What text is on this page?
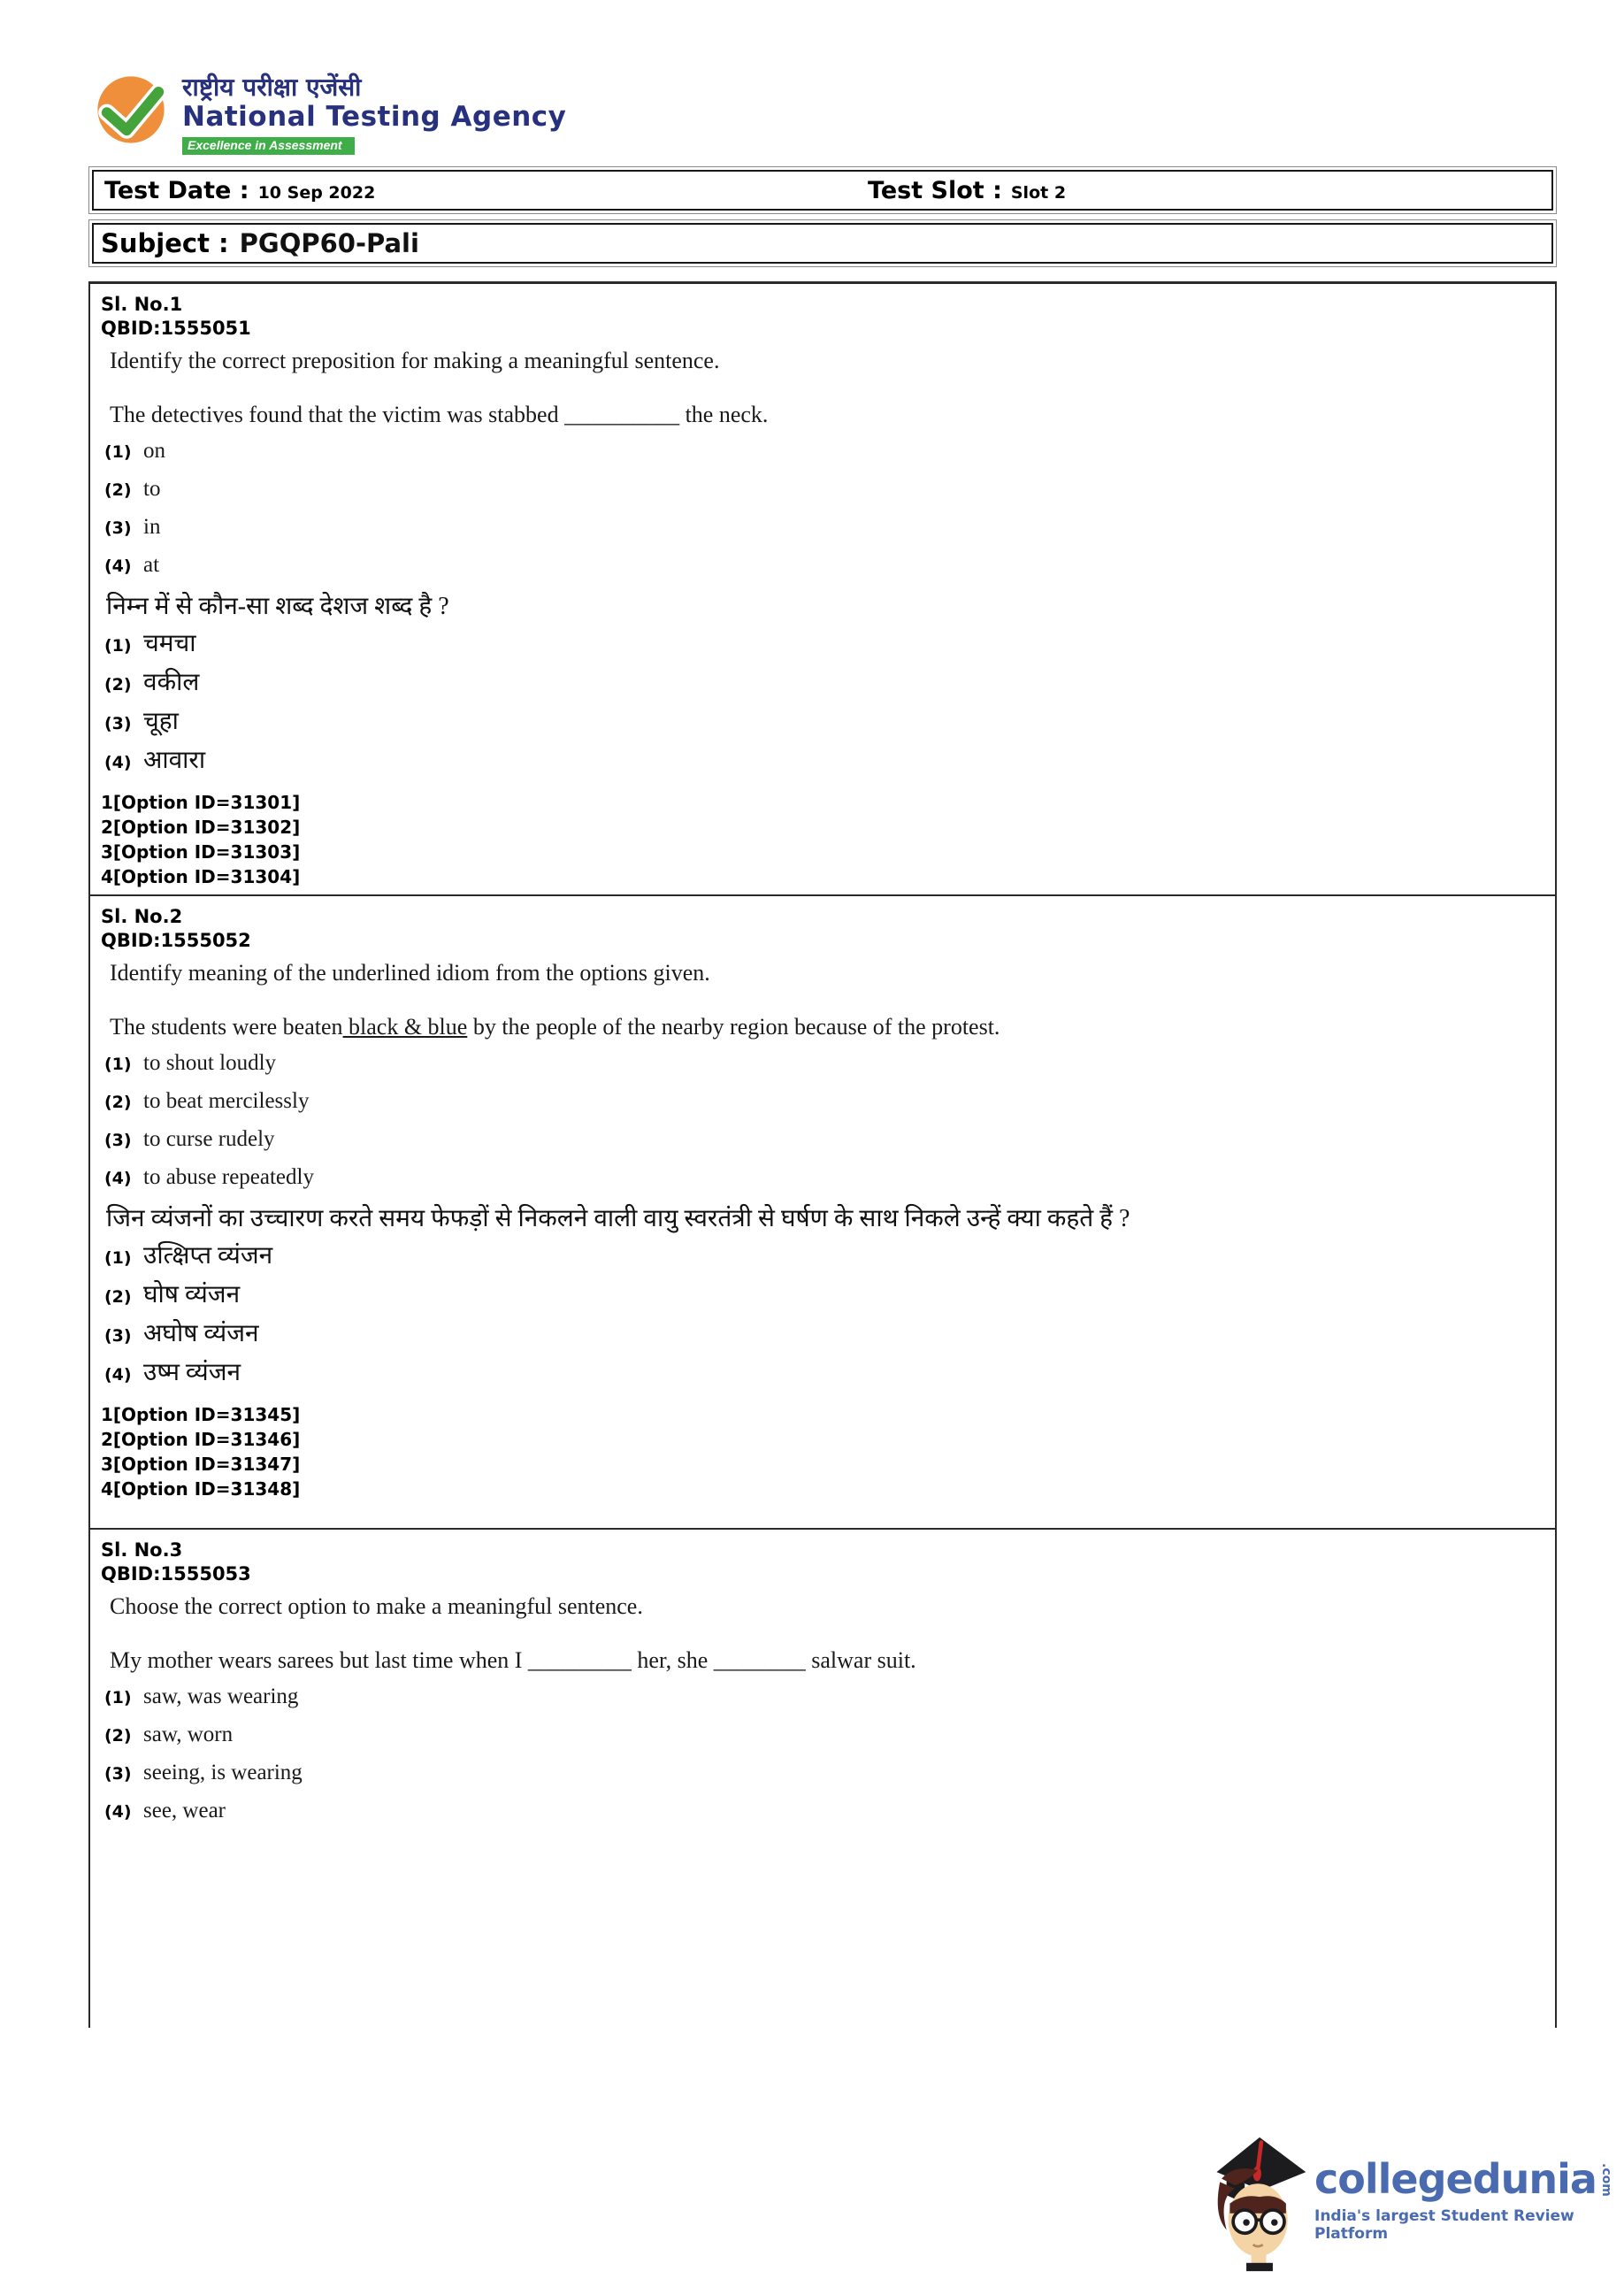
राष्ट्रीय परीक्षा एजेंसी
National Testing Agency
Excellence in Assessment
Test Date : 10 Sep 2022	Test Slot : Slot 2
Subject : PGQP60-Pali
Sl. No.1
QBID:1555051
Identify the correct preposition for making a meaningful sentence.
The detectives found that the victim was stabbed __________ the neck.
(1) on
(2) to
(3) in
(4) at
निम्न में से कौन-सा शब्द देशज शब्द है ?
(1) चमचा
(2) वकील
(3) चूहा
(4) आवारा
1[Option ID=31301]
2[Option ID=31302]
3[Option ID=31303]
4[Option ID=31304]
Sl. No.2
QBID:1555052
Identify meaning of the underlined idiom from the options given.
The students were beaten black & blue by the people of the nearby region because of the protest.
(1) to shout loudly
(2) to beat mercilessly
(3) to curse rudely
(4) to abuse repeatedly
जिन व्यंजनों का उच्चारण करते समय फेफड़ों से निकलने वाली वायु स्वरतंत्री से घर्षण के साथ निकले उन्हें क्या कहते हैं ?
(1) उत्क्षिप्त व्यंजन
(2) घोष व्यंजन
(3) अघोष व्यंजन
(4) उष्म व्यंजन
1[Option ID=31345]
2[Option ID=31346]
3[Option ID=31347]
4[Option ID=31348]
Sl. No.3
QBID:1555053
Choose the correct option to make a meaningful sentence.
My mother wears sarees but last time when I _________ her, she ________ salwar suit.
(1) saw, was wearing
(2) saw, worn
(3) seeing, is wearing
(4) see, wear
collegedunia .com
India's largest Student Review Platform
